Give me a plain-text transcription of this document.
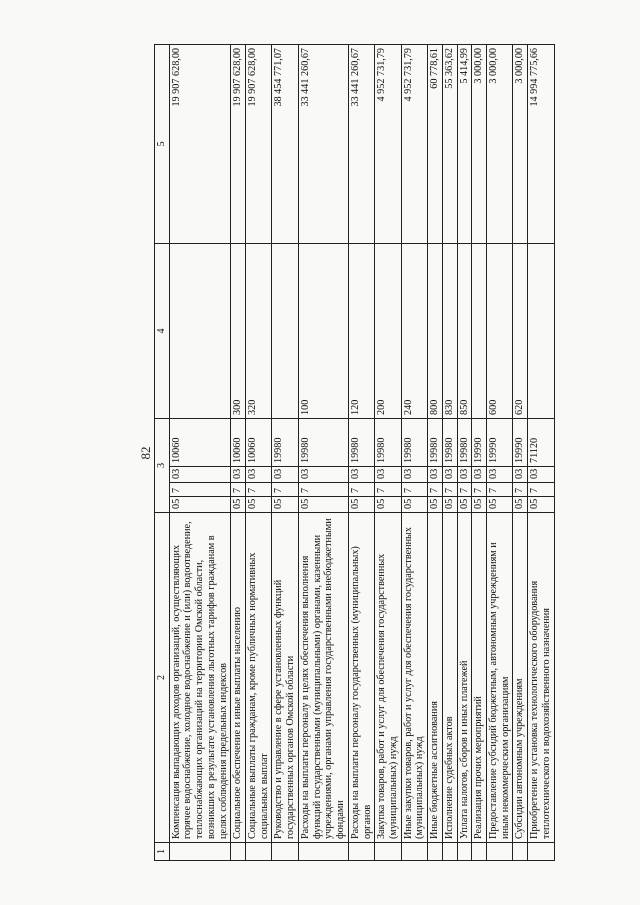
82
1	2	3				4	5
	Компенсация выпадающих доходов организаций, осуществляющих горячее водоснабжение, холодное водоснабжение и (или) водоотведение, теплоснабжающих организаций на территории Омской области, возникших в результате установления льготных тарифов гражданам в целях соблюдения предельных индексов	05	7	03	10060		19 907 628,00
	Социальное обеспечение и иные выплаты населению	05	7	03	10060	300	19 907 628,00
	Социальные выплаты гражданам, кроме публичных нормативных социальных выплат	05	7	03	10060	320	19 907 628,00
	Руководство и управление в сфере установленных функций государственных органов Омской области	05	7	03	19980		38 454 771,07
	Расходы на выплаты персоналу в целях обеспечения выполнения функций государственными (муниципальными) органами, казенными учреждениями, органами управления государственными внебюджетными фондами	05	7	03	19980	100	33 441 260,67
	Расходы на выплаты персоналу государственных (муниципальных) органов	05	7	03	19980	120	33 441 260,67
	Закупка товаров, работ и услуг для обеспечения государственных (муниципальных) нужд	05	7	03	19980	200	4 952 731,79
	Иные закупки товаров, работ и услуг для обеспечения государственных (муниципальных) нужд	05	7	03	19980	240	4 952 731,79
	Иные бюджетные ассигнования	05	7	03	19980	800	60 778,61
	Исполнение судебных актов	05	7	03	19980	830	55 363,62
	Уплата налогов, сборов и иных платежей	05	7	03	19980	850	5 414,99
	Реализация прочих мероприятий	05	7	03	19990		3 000,00
	Предоставление субсидий бюджетным, автономным учреждениям и иным некоммерческим организациям	05	7	03	19990	600	3 000,00
	Субсидии автономным учреждениям	05	7	03	19990	620	3 000,00
	Приобретение и установка технологического оборудования теплотехнического и водохозяйственного назначения	05	7	03	71120		14 994 775,66
